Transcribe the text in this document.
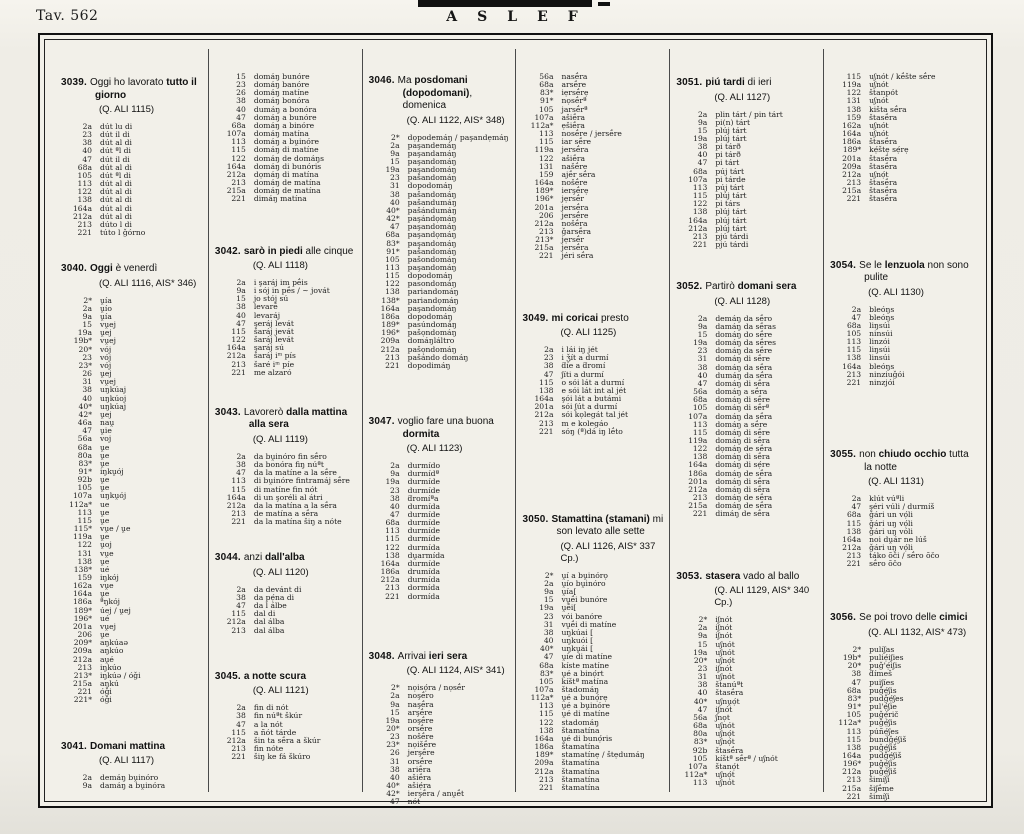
Tav. 562	ASLEF
3039. Oggi ho lavorato tutto il giorno
(Q. ALI 1115)
2a	dút lu di
23	dút il di
38	dút al di
40	dút ªl di
47	dút il di
68a	dút al di
105	dút ªl di
113	dút al di
122	dút al di
138	dút al di
164a	dút al di
212a	dút al di
213	dúto l di
221	túto l ǧórno
3040. Oggi è venerdì
(Q. ALI 1116, AIS* 346)
2*	ṷía
2a	ṷío
9a	ṷía
15	vṷej
19a	ṷej
19b*	vṷej
20*	vój
23	vój
23*	vój
26	ṷej
31	vṷej
38	uŋkúaj
40	uŋkúoj
40*	uŋkúaj
42*	ṷej
46a	naṷ
47	ṷie
56a	voj
68a	ṷe
80a	ṷe
83*	ṷe
91*	iŋkṷój
92b	ṷe
105	ṷe
107a	uŋkṷój
112a*	ue
113	ṷe
115	ṷe
115*	vṷe / ṷe
119a	ṷe
122	ṷoj
131	vṷe
138	ṷe
138*	ué
159	iŋkój
162a	vṷe
164a	ṷe
186a	ªŋkój
189*	úej / ṷej
196*	ué
201a	vṷej
206	ṷe
209*	aŋkúaə
209a	aŋkúo
212a	aṷé
213	iŋkúo
213*	iŋkúə / óǧi
215a	aŋkú
221	óǧi
221*	óǧi
3041. Domani mattina
(Q. ALI 1117)
2a	demáŋ bṷinóro
9a	damáŋ a bṷinóra
15	domáŋ bunóre
23	domáŋ banóre
26	domáŋ matíne
38	domáŋ bonóra
40	dumáŋ a bonóra
47	domáŋ a bunóre
68a	domáŋ a binóre
107a	domáŋ matína
113	domáŋ a bṷinóre
115	domáŋ di matíne
122	domáŋ de domáŋs
164a	domáŋ di bunóris
212a	dọmáŋ di matína
213	domáŋ de matína
215a	domáŋ de matína
221	dimáŋ matína
3042. sarò in piedi alle cinque
(Q. ALI 1118)
2a	i şaráj im pḗis
9a	i sój in pḗs / ~ jovát
15	jo stój sú
38	levarḗ
40	levaráj
47	şeráj levát
115	šaráj jevát
122	šaráj levát
164a	şaráj sú
212a	šaráj iᵐ pís
213	šaré iᵐ píe
221	me alzaró
3043. Lavorerò dalla mattina alla sera
(Q. ALI 1119)
2a	da bṷinóro fin sḗro
38	da bonóra fiŋ núªt
47	da la matíne a la sḗre
113	di bṷinóre fintramáj sḗre
115	di matíne fin nót
164a	di un şoréli al átri
212a	da la matína a la sḗra
213	de matína a sḗra
221	da la matína šiŋ a nóte
3044. anzi dall'alba
(Q. ALI 1120)
2a	da devánt di
38	da pẹ́na di
47	da l álbe
115	dal di
212a	dal álba
213	dal álba
3045. a notte scura
(Q. ALI 1121)
2a	fin di nót
38	fin núªt škúr
47	a la nót
115	a ñót tárde
212a	šin ta sḗra a škúr
213	fin nóte
221	šiŋ ke fá škúro
3046. Ma posdomani (dopodomani), domenica
(Q. ALI 1122, AIS* 348)
2*	dọpodemáŋ / paşandẹmáŋ
2a	paşandemáŋ
9a	paşandamáŋ
15	paşandomáŋ
19a	paşandomáŋ
23	pašandomáŋ
31	dopodomáŋ
38	pašandomáŋ
40	pašandumáŋ
40*	pašándumáŋ
42*	paşándọmáŋ
47	paşandomáŋ
68a	paşandọmáŋ
83*	paşandomáŋ
91*	pašandomáŋ
105	pašondomáŋ
113	paşandomáŋ
115	dopodomáŋ
122	pasondomáŋ
138	pariandomáŋ
138*	pariandọmáŋ
164a	paşandomáŋ
186a	dopodomáŋ
189*	pasúndomáŋ
196*	pašọndomáŋ
209a	domáŋláltro
212a	pašọndomáŋ
213	pašándo domáŋ
221	dopodimáŋ
3047. voglio fare una buona dormita
(Q. ALI 1123)
2a	durmído
9a	durmídª
19a	durmíde
23	durmíde
38	ƌromíªa
40	durmída
47	durmíde
68a	durmíde
113	durmíde
115	durmíde
122	durmída
138	dṷarmída
164a	durmíde
186a	drumída
212a	durmída
213	dormída
221	dormída
3048. Arrivai ieri sera
(Q. ALI 1124, AIS* 341)
2*	nọisọ́ra / nọsḗr
2a	noşḗro
9a	naşḗra
15	arşḗre
19a	noşḗre
20*	orsḗre
23	nošḗre
23*	nọišḗre
26	jerşḗre
31	orsḗre
38	ariḗra
40	ašiḗra
40*	ašiẹ́ra
42*	ierşḗra / anṷḗt
47	nót
56a	nasḗra
68a	arsḗre
83*	iẹrsḗrẹ
91*	nọsḗrª
105	jarsḗrª
107a	ašiḗra
112a*	ẹšiḗra
113	nosḗre / jersḗre
115	iar sḗre
119a	jersḗra
122	ašiḗra
131	našḗre
159	ajḗr sḗra
164a	nošḗre
189*	ierşḗrẹ
196*	jẹrsḗr
201a	jersḗra
206	jersḗre
212a	nošḗra
213	ǧarsḗra
213*	jẹrsḗr
215a	jersḗra
221	jéri sḗra
3049. mi coricai presto
(Q. ALI 1125)
2a	i lái iŋ jét
23	i ǯít a durmí
38	ƌíe a ƌromí
47	ʃíti a durmí
115	o sói lát a durmí
138	e sói lát int al jét
164a	şói lát a butámi
201a	sói ʃút a durmí
212a	sói kọlegát tal jét
213	m e kolegáo
221	sóŋ (ª)dá iŋ lḗto
3050. Stamattina (stamani) mi son levato alle sette
(Q. ALI 1126, AIS* 337 Cp.)
2*	ṷí a bṷinórọ
2a	ṷío bṷinóro
9a	ṷía[
15	vṷḗi bunóre
19a	ṷḗi[
23	vói banóre
31	vṷḗi di matíne
38	uŋkúai [
40	uŋkuói [
40*	uŋkṷái [
47	ṷíe di matíne
68a	kíste matíne
83*	ṷé a binọ́rt
105	kíštª matína
107a	štadomáŋ
112a*	ṷé a bunọ́rẹ
113	ṷé a bṷinóre
115	ṷé di matíne
122	stadomáŋ
138	štamatína
164a	ṷé di bunọ́ris
186a	štamatína
189*	stamatínẹ / štẹdumáŋ
209a	štamatína
212a	štamatína
213	štamatína
221	štamatína
3051. piú tardi di ieri
(Q. ALI 1127)
2a	plin tárt / pin tárt
9a	pi(n) tárt
15	plúj tárt
19a	plúj tárt
38	pi tárð
40	pi tárð
47	pi tárt
68a	púj tárt
107a	pi tárde
113	púj tárt
115	plúj tárt
122	pi társ
138	plúj tárt
164a	plúj tárt
212a	plúj tárt
213	pjú tárdi
221	pjú tárdi
3052. Partirò domani sera
(Q. ALI 1128)
2a	demáŋ da sḗro
9a	damáŋ da sḗras
15	domáŋ do sḗre
19a	domáŋ da sḗres
23	domáŋ da sḗre
31	domáŋ di sḗre
38	domáŋ da sḗra
40	dumáŋ da sḗra
47	domáŋ di sḗra
56a	domáŋ a sḗra
68a	domáŋ di sḗre
105	domáŋ di sḗrª
107a	domáŋ da sḗra
113	domáŋ a sḗre
115	domáŋ di sḗre
119a	domáŋ di sḗra
122	dọmáŋ de sḗra
138	domáŋ di sḗra
164a	domáŋ di sẹ́re
186a	domáŋ de sḗra
201a	domáŋ di sḗra
212a	domáŋ di sḗra
213	domáŋ de sḗra
215a	domáŋ de sḗra
221	dimáŋ de sḗra
3053. stasera vado al ballo
(Q. ALI 1129, AIS* 340 Cp.)
2*	iʃnót
2a	iʃnót
9a	iʃnót
15	uʃnót
19a	uʃnót
20*	uʃnọ́t
23	iʃnót
31	uʃnót
38	štanúªt
40	štasḗra
40*	uʃnṷọ́t
47	iʃnót
56a	ʃnọt
68a	uʃnót
80a	uʃnọ́t
83*	uʃnọ́t
92b	štasḗra
105	kíštª sḗrª / uʃnót
107a	štanọ́t
112a*	uʃnọ́t
113	uʃnót
115	uʃnót / kḗšte sḗre
119a	uʃnót
122	štanpót
131	uʃnót
138	kišta sḗra
159	štasḗra
162a	uʃnót
164a	uʃnót
186a	štasḗra
189*	kẹ́štẹ sẹ́rẹ
201a	štasḗra
209a	štasḗra
212a	uʃnọ́t
213	štasḗra
215a	štasḗra
221	štasḗra
3054. Se le lenzuola non sono pulite
(Q. ALI 1130)
2a	bleóŋs
47	bleóŋs
68a	liŋsúi
105	ninsúi
113	linzói
115	liŋsúi
138	linsúi
164a	bleóŋs
213	ninziuǧói
221	ninzjói
3055. non chiudo occhio tutta la notte
(Q. ALI 1131)
2a	klút vúªli
47	şéri vúli / durmíš
68a	ǧári un vọ́li
115	ǧári uŋ vọ́li
138	ǧári uŋ vóli
164a	noi dṷár ne lúš
212a	ǧári uŋ vọ́li
213	táko ŏči / sḗro ŏčo
221	sḗro ŏčo
3056. Se poi trovo delle cimici
(Q. ALI 1132, AIS* 473)
2*	pulíʃas
19b*	puliẹ́iʃies
20*	puǧ'ẹ́iʃis
38	ƌímeš
47	puiʃíes
68a	puǧẹ́ʃis
83*	pudǧẹ́ʃes
91*	pul'ẹ́ʃie
105	puǧẹ́rič
112a*	puǧẹ́ʃis
113	púñẹ́ʃes
115	bundǧẹ́ʃiš
138	puǧẹ́ʃiš
164a	pudǧẹ́ʃiš
196*	puǧẹ́ʃis
212a	puǧẹ́ʃiš
213	šimíʃi
215a	šiʃḗme
221	šimíʃi
